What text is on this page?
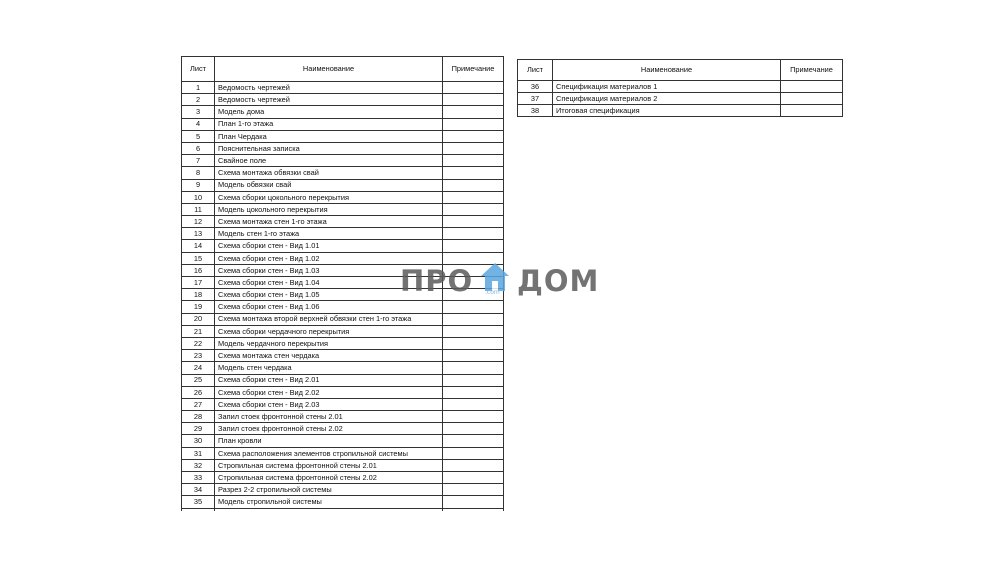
Лист	Наименование	Примечание
1	Ведомость чертежей	
2	Ведомость чертежей	
3	Модель дома	
4	План 1-го этажа	
5	План Чердака	
6	Пояснительная записка	
7	Свайное поле	
8	Схема монтажа обвязки свай	
9	Модель обвязки свай	
10	Схема сборки цокольного перекрытия	
11	Модель цокольного перекрытия	
12	Схема монтажа стен 1-го этажа	
13	Модель стен 1-го этажа	
14	Схема сборки стен - Вид 1.01	
15	Схема сборки стен - Вид 1.02	
16	Схема сборки стен - Вид 1.03	
17	Схема сборки стен - Вид 1.04	
18	Схема сборки стен - Вид 1.05	
19	Схема сборки стен - Вид 1.06	
20	Схема монтажа второй верхней обвязки стен 1-го этажа	
21	Схема сборки чердачного перекрытия	
22	Модель чердачного перекрытия	
23	Схема монтажа стен чердака	
24	Модель стен чердака	
25	Схема сборки стен - Вид 2.01	
26	Схема сборки стен - Вид 2.02	
27	Схема сборки стен - Вид 2.03	
28	Запил стоек фронтонной стены 2.01	
29	Запил стоек фронтонной стены 2.02	
30	План кровли	
31	Схема расположения элементов стропильной системы	
32	Стропильная система фронтонной стены 2.01	
33	Стропильная система фронтонной стены 2.02	
34	Разрез 2-2 стропильной системы	
35	Модель стропильной системы	

Лист	Наименование	Примечание
36	Спецификация материалов 1	
37	Спецификация материалов 2	
38	Итоговая спецификация	
ПРО .com ДОМ
